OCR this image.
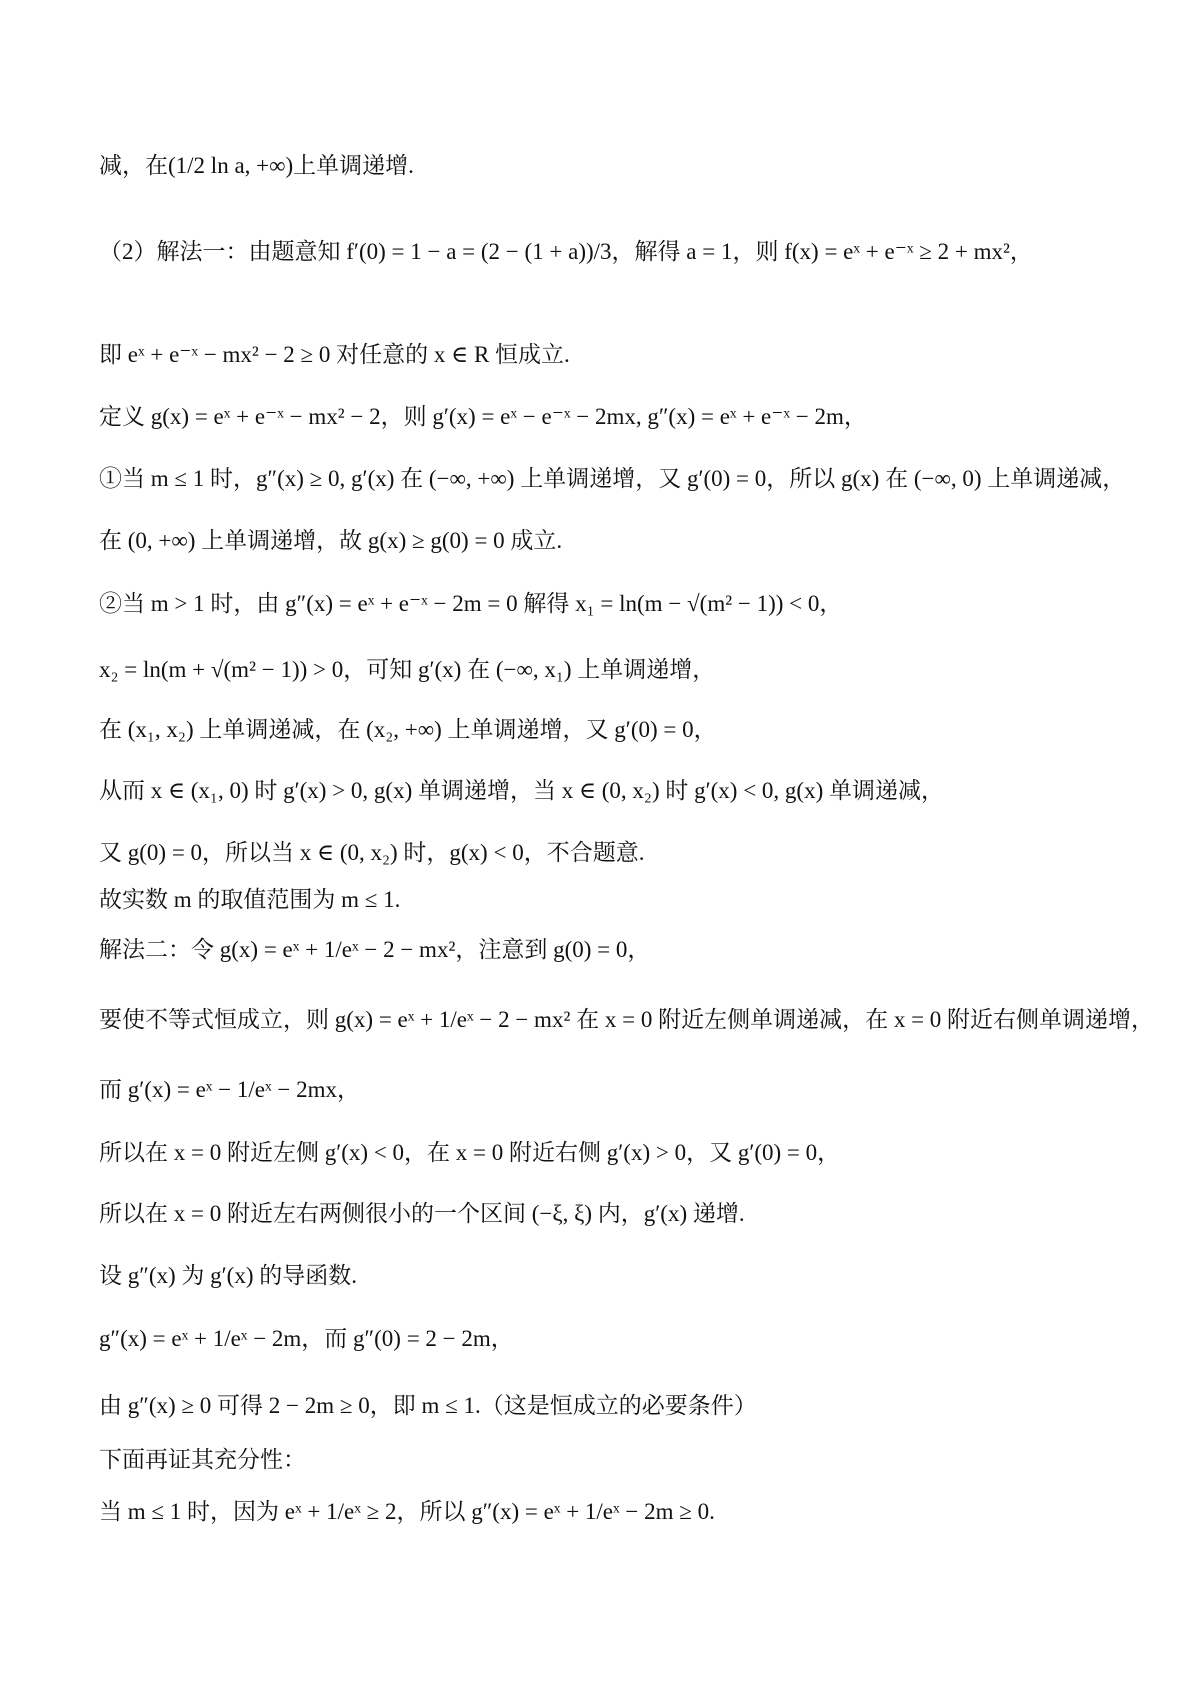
减，在(1/2 ln a, +∞)上单调递增.
（2）解法一：由题意知 f′(0) = 1 − a = (2 − (1 + a))/3，解得 a = 1，则 f(x) = eˣ + e⁻ˣ ≥ 2 + mx²，
即 eˣ + e⁻ˣ − mx² − 2 ≥ 0 对任意的 x ∈ R 恒成立.
定义 g(x) = eˣ + e⁻ˣ − mx² − 2，则 g′(x) = eˣ − e⁻ˣ − 2mx, g″(x) = eˣ + e⁻ˣ − 2m，
①当 m ≤ 1 时，g″(x) ≥ 0, g′(x) 在 (−∞, +∞) 上单调递增，又 g′(0) = 0，所以 g(x) 在 (−∞, 0) 上单调递减，
在 (0, +∞) 上单调递增，故 g(x) ≥ g(0) = 0 成立.
②当 m > 1 时，由 g″(x) = eˣ + e⁻ˣ − 2m = 0 解得 x₁ = ln(m − √(m² − 1)) < 0，
x₂ = ln(m + √(m² − 1)) > 0，可知 g′(x) 在 (−∞, x₁) 上单调递增，
在 (x₁, x₂) 上单调递减，在 (x₂, +∞) 上单调递增，又 g′(0) = 0，
从而 x ∈ (x₁, 0) 时 g′(x) > 0, g(x) 单调递增，当 x ∈ (0, x₂) 时 g′(x) < 0, g(x) 单调递减，
又 g(0) = 0，所以当 x ∈ (0, x₂) 时，g(x) < 0，不合题意.
故实数 m 的取值范围为 m ≤ 1.
解法二：令 g(x) = eˣ + 1/eˣ − 2 − mx²，注意到 g(0) = 0，
要使不等式恒成立，则 g(x) = eˣ + 1/eˣ − 2 − mx² 在 x = 0 附近左侧单调递减，在 x = 0 附近右侧单调递增，
而 g′(x) = eˣ − 1/eˣ − 2mx，
所以在 x = 0 附近左侧 g′(x) < 0，在 x = 0 附近右侧 g′(x) > 0，又 g′(0) = 0，
所以在 x = 0 附近左右两侧很小的一个区间 (−ξ, ξ) 内，g′(x) 递增.
设 g″(x) 为 g′(x) 的导函数.
g″(x) = eˣ + 1/eˣ − 2m，而 g″(0) = 2 − 2m，
由 g″(x) ≥ 0 可得 2 − 2m ≥ 0，即 m ≤ 1.（这是恒成立的必要条件）
下面再证其充分性：
当 m ≤ 1 时，因为 eˣ + 1/eˣ ≥ 2，所以 g″(x) = eˣ + 1/eˣ − 2m ≥ 0.
